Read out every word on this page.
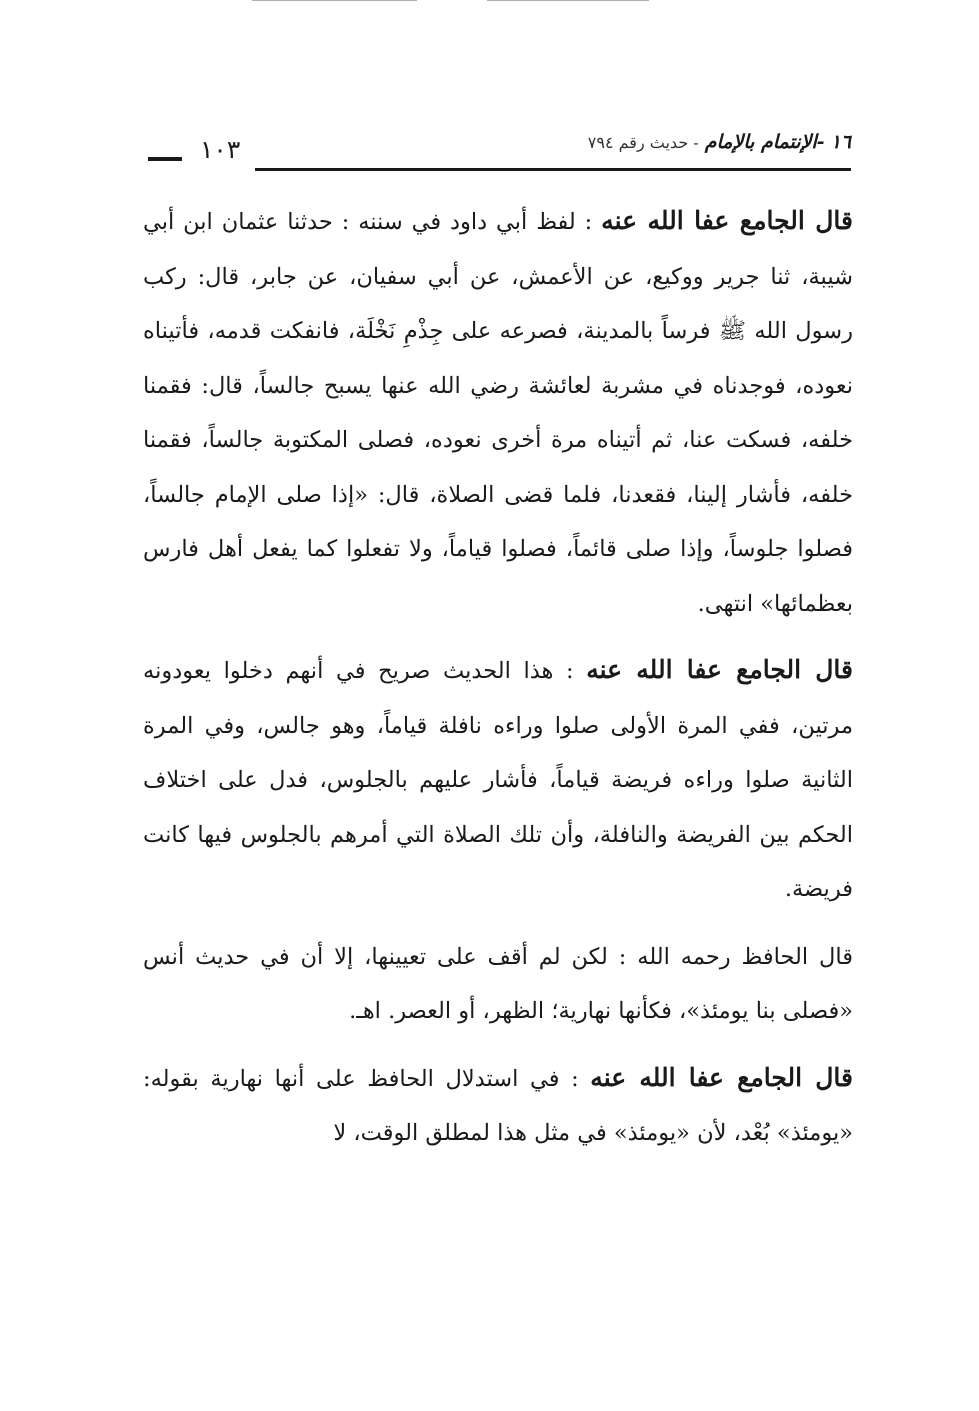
١٠٣	١٦-الإنتمام بالإمام - حديث رقم ٧٩٤

قال الجامع عفا الله عنه : لفظ أبي داود في سننه : حدثنا عثمان ابن أبي شيبة، ثنا جرير ووكيع، عن الأعمش، عن أبي سفيان، عن جابر، قال: ركب رسول الله ﷺ فرساً بالمدينة، فصرعه على جِذْمِ نَخْلَة، فانفكت قدمه، فأتيناه نعوده، فوجدناه في مشربة لعائشة رضي الله عنها يسبح جالساً، قال: فقمنا خلفه، فسكت عنا، ثم أتيناه مرة أخرى نعوده، فصلى المكتوبة جالساً، فقمنا خلفه، فأشار إلينا، فقعدنا، فلما قضى الصلاة، قال: «إذا صلى الإمام جالساً، فصلوا جلوساً، وإذا صلى قائماً، فصلوا قياماً، ولا تفعلوا كما يفعل أهل فارس بعظمائها» انتهى.

قال الجامع عفا الله عنه : هذا الحديث صريح في أنهم دخلوا يعودونه مرتين، ففي المرة الأولى صلوا وراءه نافلة قياماً، وهو جالس، وفي المرة الثانية صلوا وراءه فريضة قياماً، فأشار عليهم بالجلوس، فدل على اختلاف الحكم بين الفريضة والنافلة، وأن تلك الصلاة التي أمرهم بالجلوس فيها كانت فريضة.

قال الحافظ رحمه الله : لكن لم أقف على تعيينها، إلا أن في حديث أنس «فصلى بنا يومئذ»، فكأنها نهارية؛ الظهر، أو العصر. اهـ.

قال الجامع عفا الله عنه : في استدلال الحافظ على أنها نهارية بقوله: «يومئذ» بُعْد، لأن «يومئذ» في مثل هذا لمطلق الوقت، لا
